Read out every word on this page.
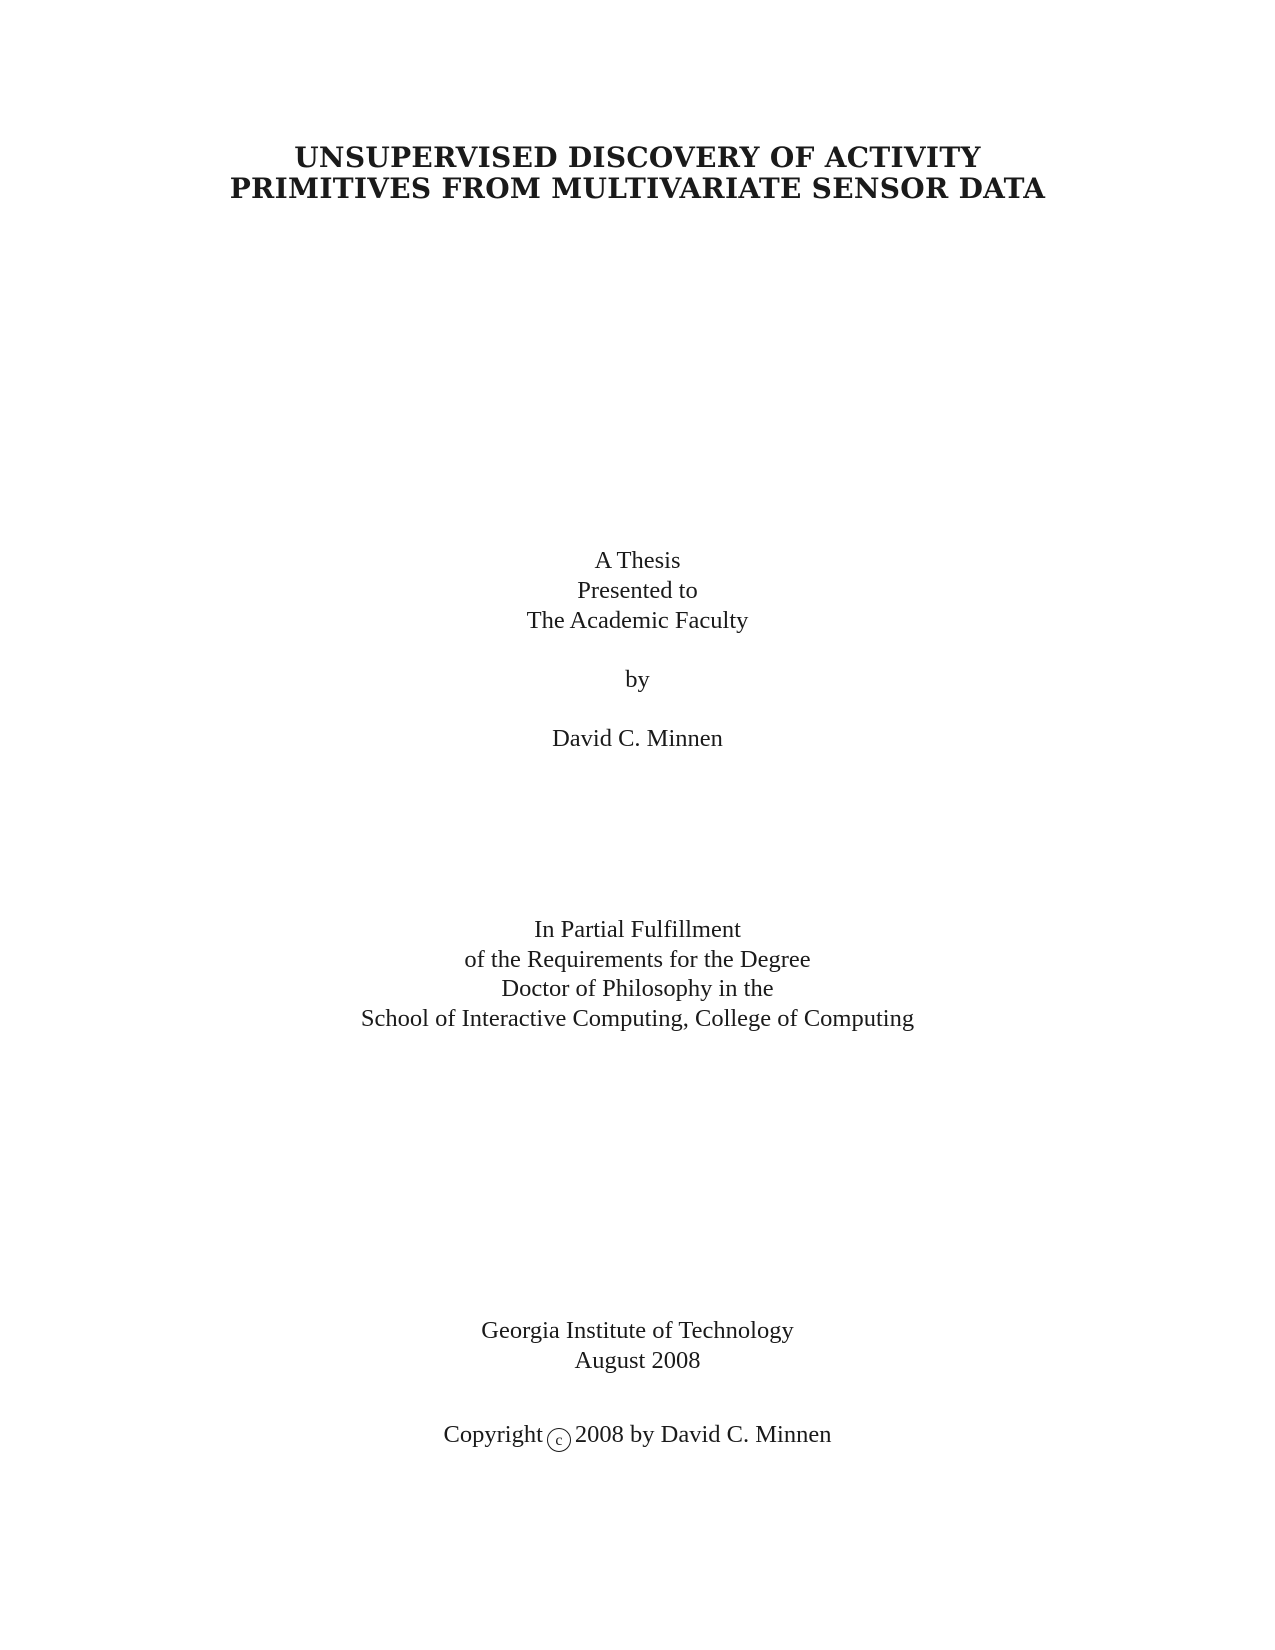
UNSUPERVISED DISCOVERY OF ACTIVITY
PRIMITIVES FROM MULTIVARIATE SENSOR DATA
A Thesis
Presented to
The Academic Faculty
by
David C. Minnen
In Partial Fulfillment
of the Requirements for the Degree
Doctor of Philosophy in the
School of Interactive Computing, College of Computing
Georgia Institute of Technology
August 2008
Copyright c 2008 by David C. Minnen
